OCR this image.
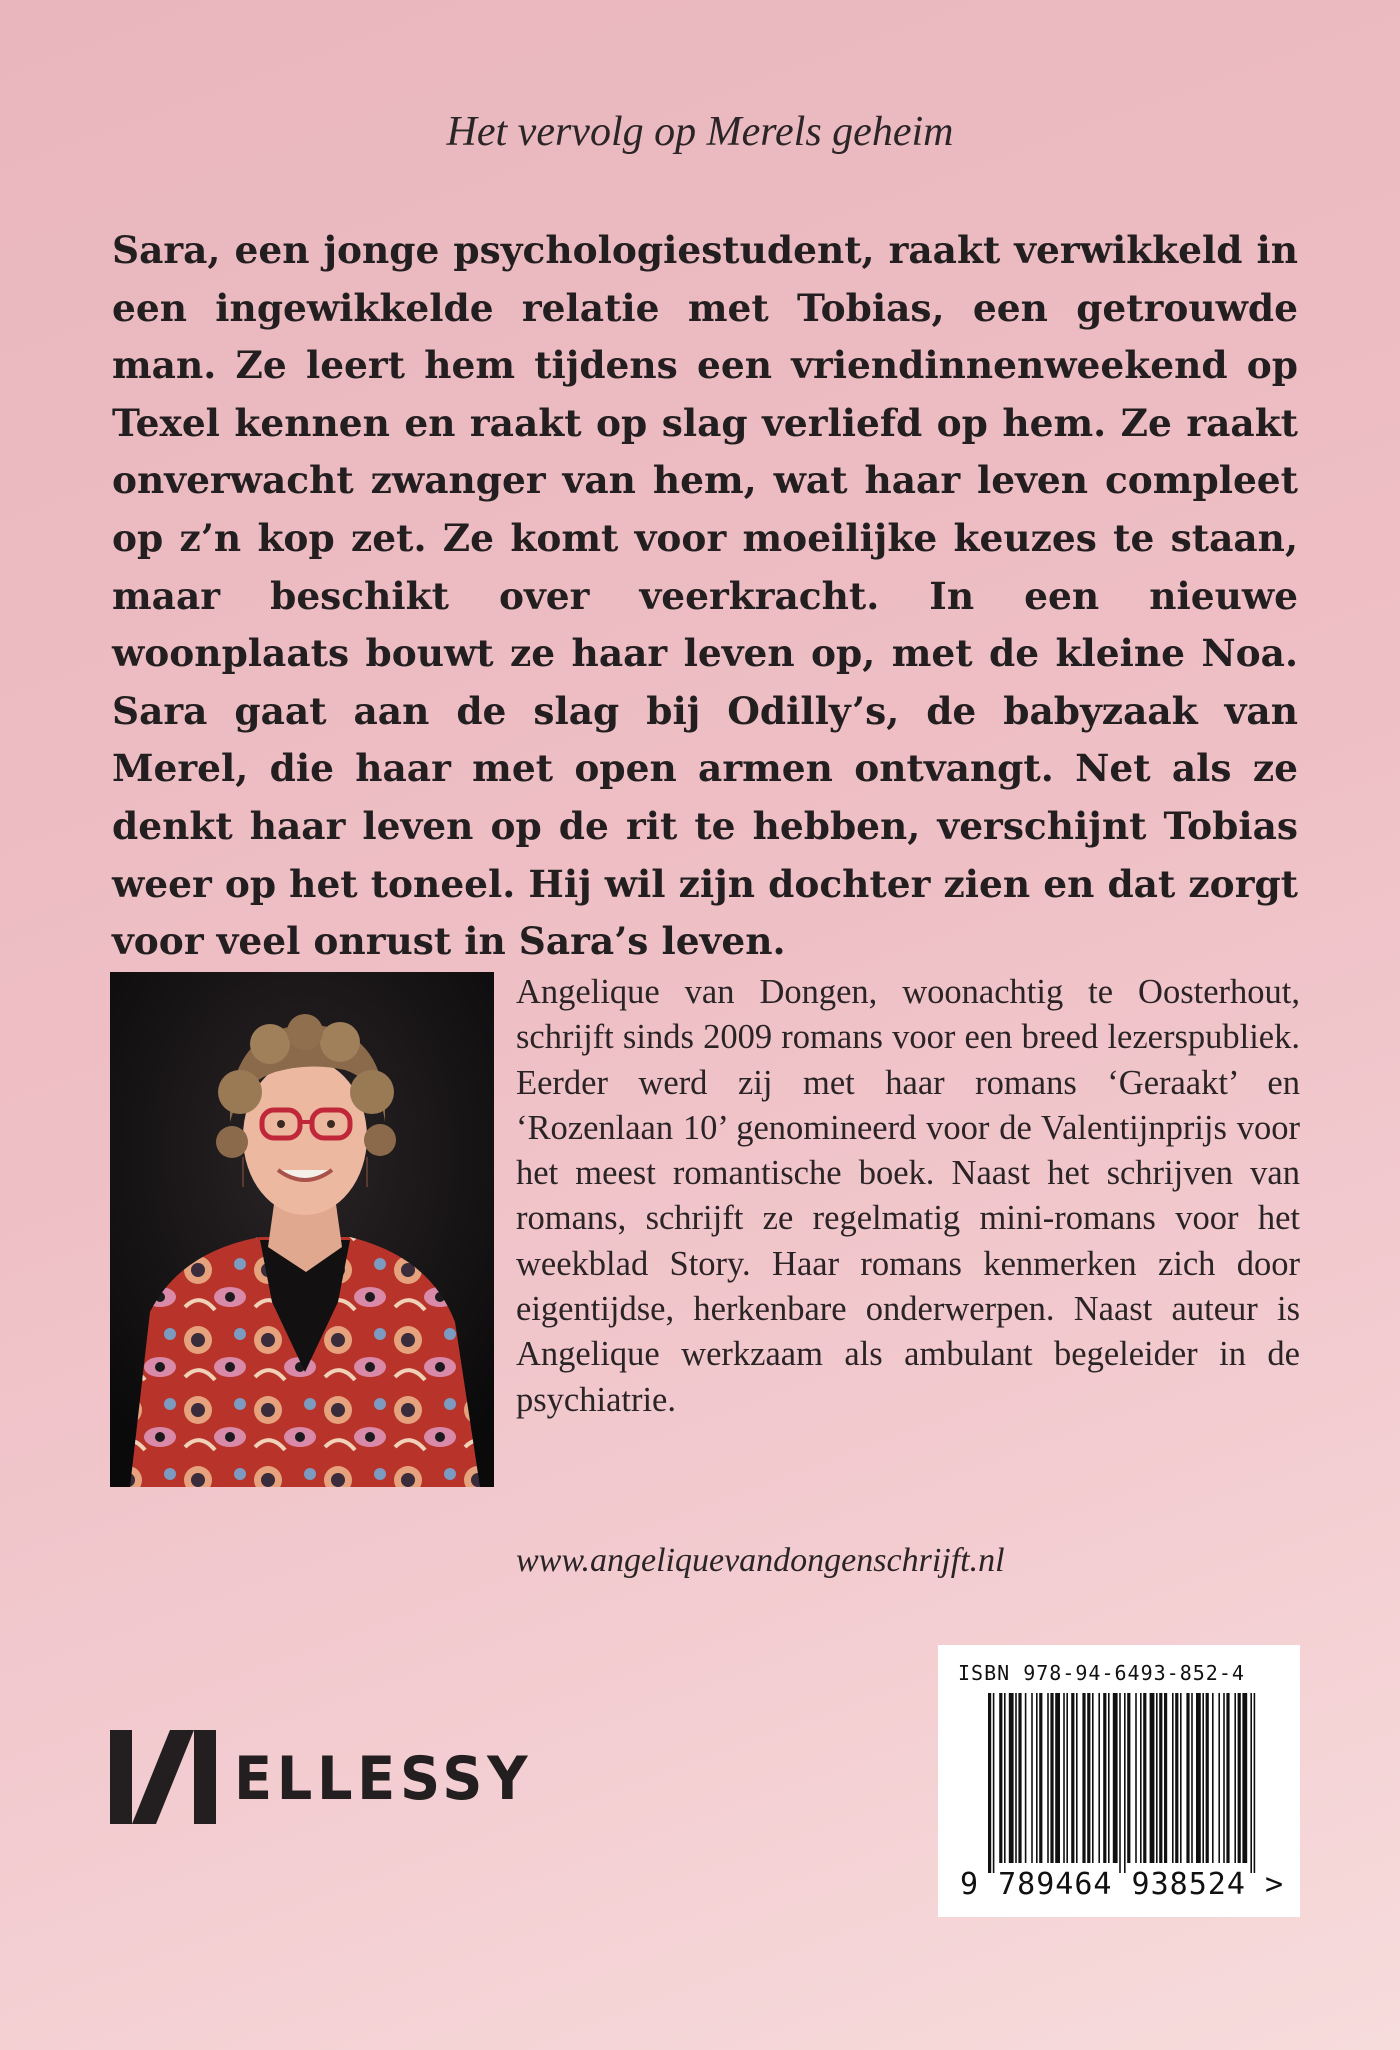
Het vervolg op Merels geheim

Sara, een jonge psychologiestudent, raakt verwikkeld in een ingewikkelde relatie met Tobias, een getrouwde man. Ze leert hem tijdens een vriendinnenweekend op Texel kennen en raakt op slag verliefd op hem. Ze raakt onverwacht zwanger van hem, wat haar leven compleet op z’n kop zet. Ze komt voor moeilijke keuzes te staan, maar beschikt over veerkracht. In een nieuwe woonplaats bouwt ze haar leven op, met de kleine Noa. Sara gaat aan de slag bij Odilly’s, de babyzaak van Merel, die haar met open armen ontvangt. Net als ze denkt haar leven op de rit te hebben, verschijnt Tobias weer op het toneel. Hij wil zijn dochter zien en dat zorgt voor veel onrust in Sara’s leven.

Angelique van Dongen, woonachtig te Oosterhout, schrijft sinds 2009 romans voor een breed lezerspubliek. Eerder werd zij met haar romans ‘Geraakt’ en ‘Rozenlaan 10’ genomineerd voor de Valentijnprijs voor het meest romantische boek. Naast het schrijven van romans, schrijft ze regelmatig mini-romans voor het weekblad Story. Haar romans kenmerken zich door eigentijdse, herkenbare onderwerpen. Naast auteur is Angelique werkzaam als ambulant begeleider in de psychiatrie.

www.angeliquevandongenschrijft.nl
ELLESSY
ISBN 978-94-6493-852-4
9 789464 938524 >
